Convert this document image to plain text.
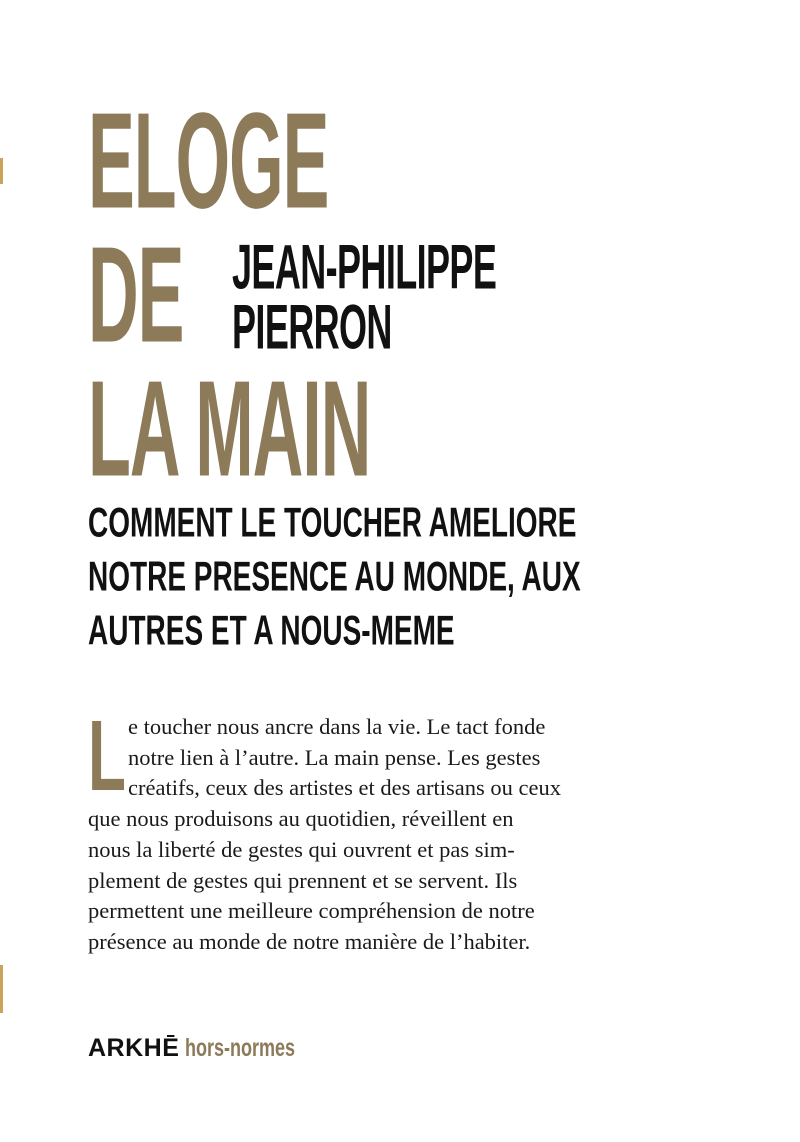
ELOGE
DE
LA MAIN
JEAN-PHILIPPE
PIERRON
COMMENT LE TOUCHER AMELIORE
NOTRE PRESENCE AU MONDE, AUX
AUTRES ET A NOUS-MEME
L e toucher nous ancre dans la vie. Le tact fonde
notre lien à l’autre. La main pense. Les gestes
créatifs, ceux des artistes et des artisans ou ceux
que nous produisons au quotidien, réveillent en
nous la liberté de gestes qui ouvrent et pas sim-
plement de gestes qui prennent et se servent. Ils
permettent une meilleure compréhension de notre
présence au monde de notre manière de l’habiter.
ARKHĒ hors-normes
